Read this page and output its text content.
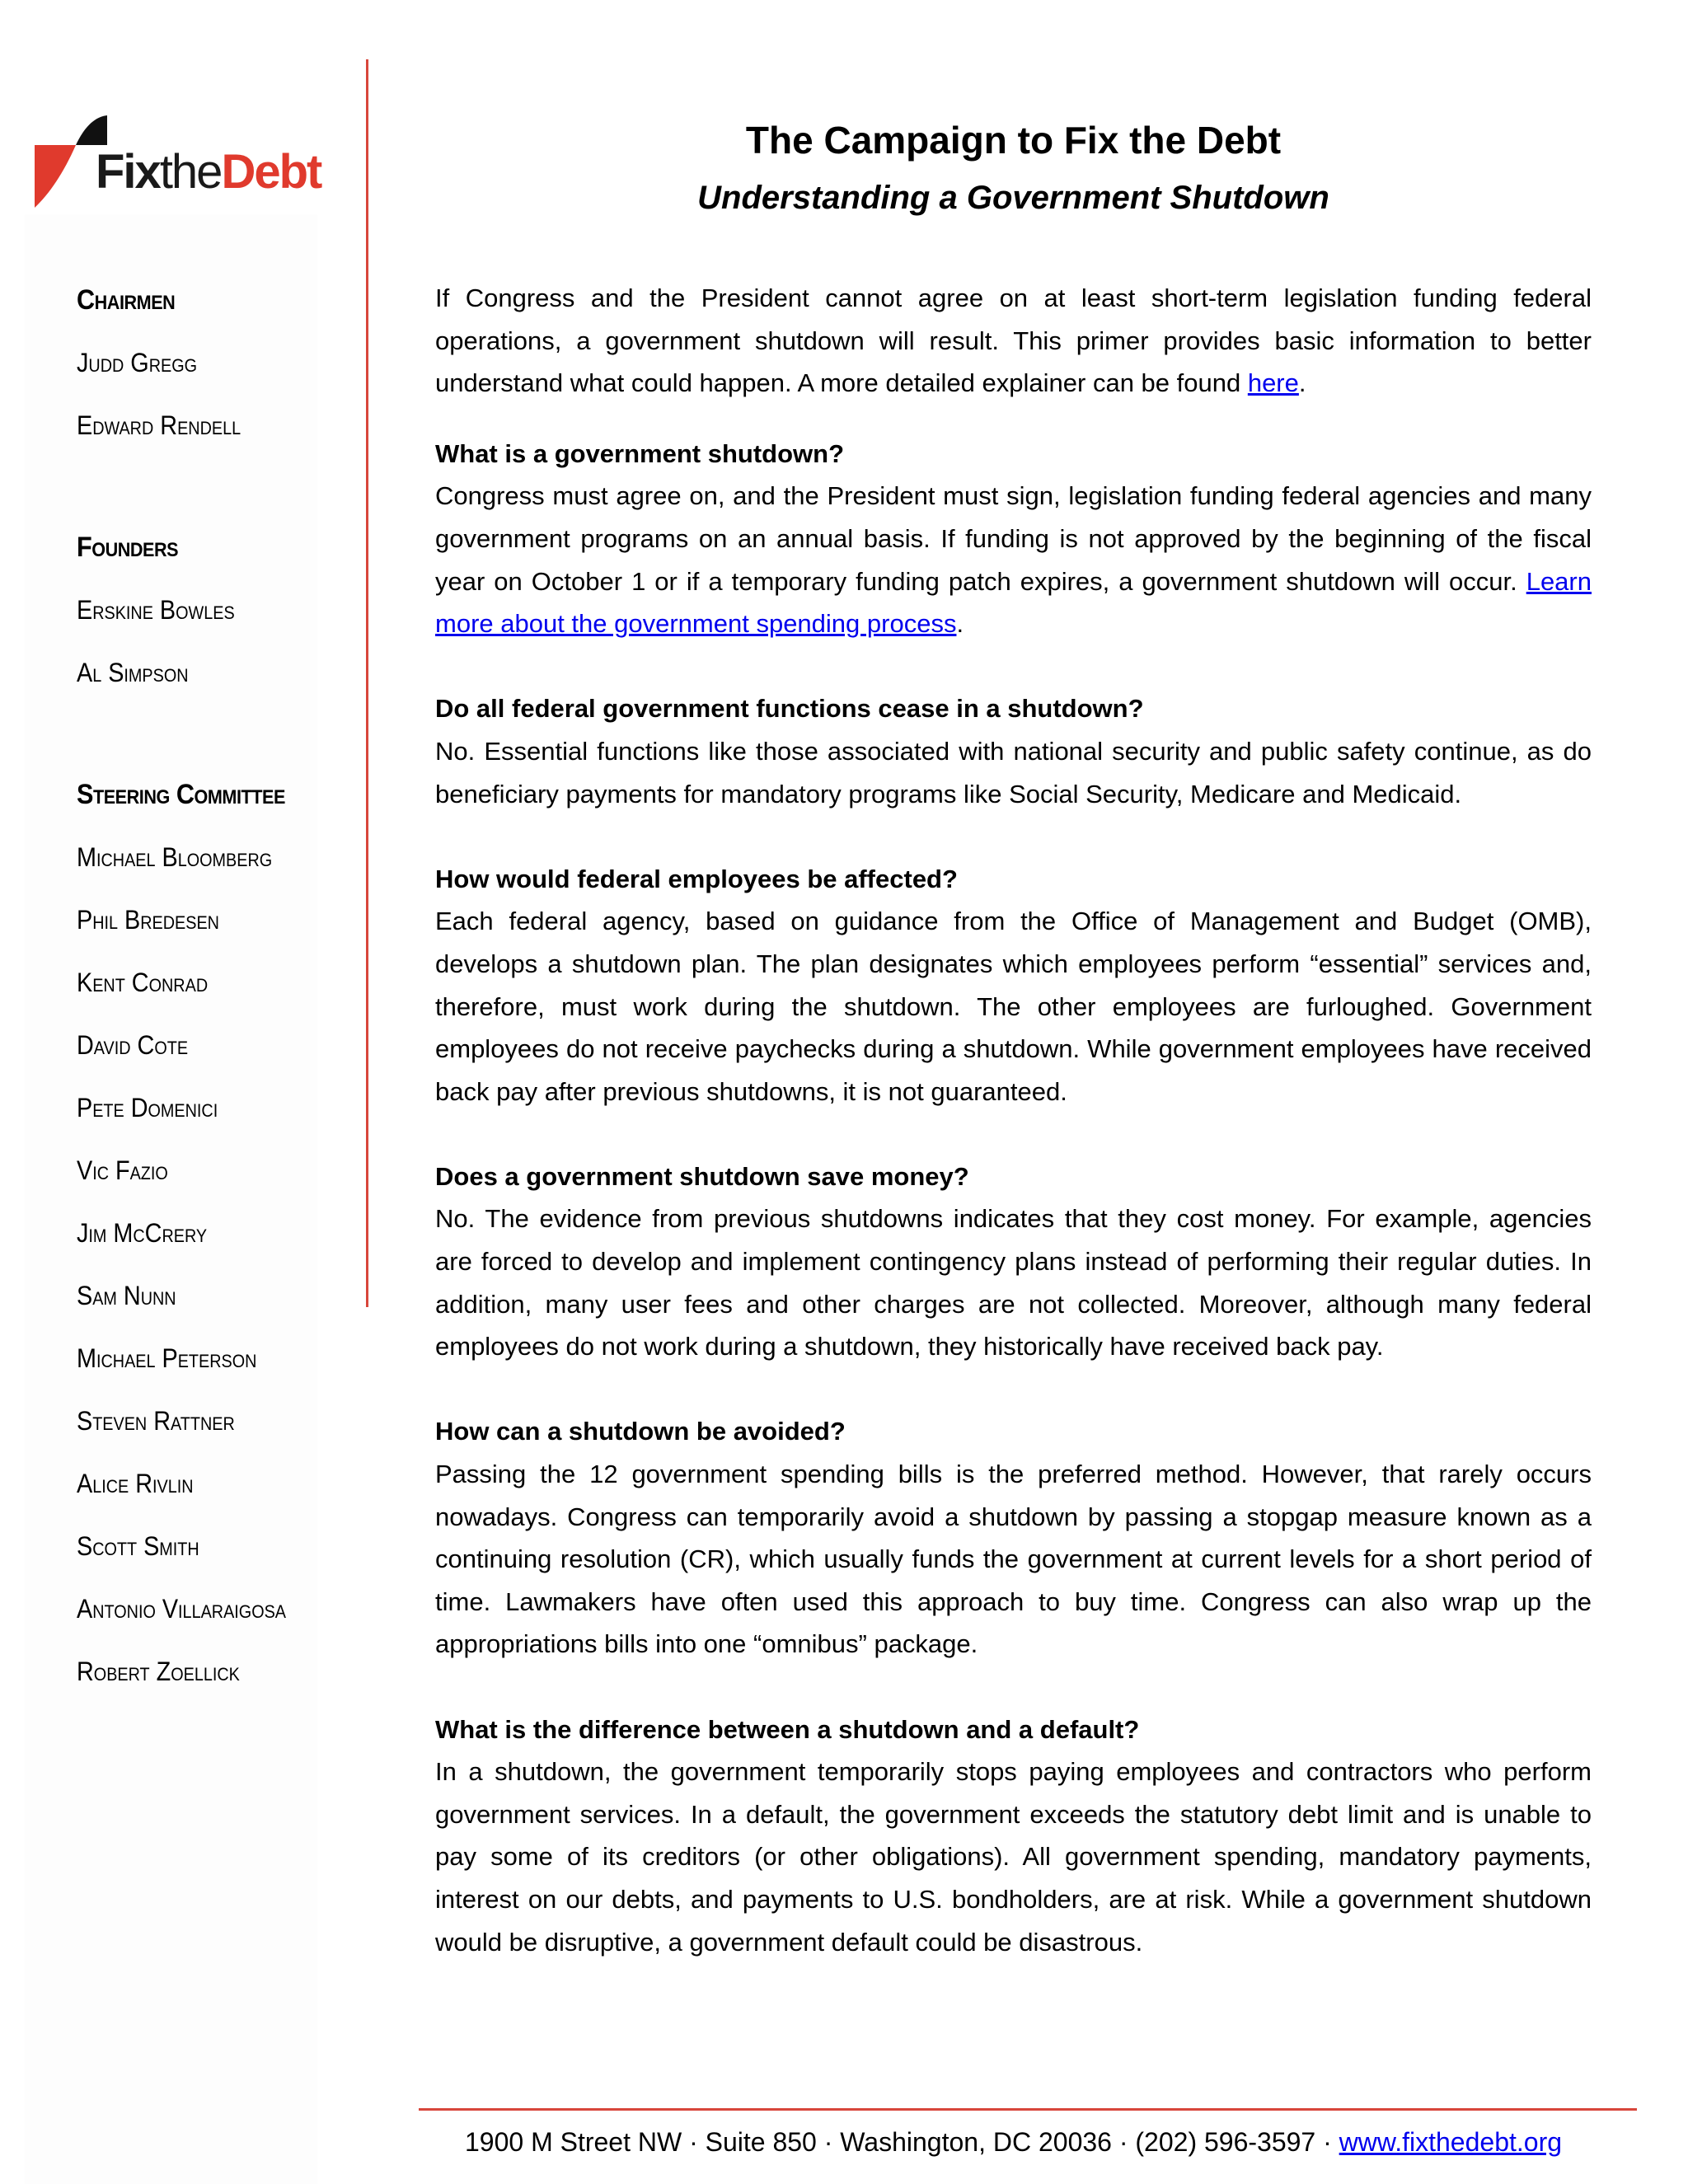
FixtheDebt
Chairmen
Judd Gregg
Edward Rendell
Founders
Erskine Bowles
Al Simpson
Steering Committee
Michael Bloomberg
Phil Bredesen
Kent Conrad
David Cote
Pete Domenici
Vic Fazio
Jim McCrery
Sam Nunn
Michael Peterson
Steven Rattner
Alice Rivlin
Scott Smith
Antonio Villaraigosa
Robert Zoellick
The Campaign to Fix the Debt
Understanding a Government Shutdown

If Congress and the President cannot agree on at least short-term legislation funding federal operations, a government shutdown will result. This primer provides basic information to better understand what could happen. A more detailed explainer can be found here.

What is a government shutdown?

Congress must agree on, and the President must sign, legislation funding federal agencies and many government programs on an annual basis. If funding is not approved by the beginning of the fiscal year on October 1 or if a temporary funding patch expires, a government shutdown will occur. Learn more about the government spending process.

Do all federal government functions cease in a shutdown?

No. Essential functions like those associated with national security and public safety continue, as do beneficiary payments for mandatory programs like Social Security, Medicare and Medicaid.

How would federal employees be affected?

Each federal agency, based on guidance from the Office of Management and Budget (OMB), develops a shutdown plan. The plan designates which employees perform “essential” services and, therefore, must work during the shutdown. The other employees are furloughed. Government employees do not receive paychecks during a shutdown. While government employees have received back pay after previous shutdowns, it is not guaranteed.

Does a government shutdown save money?

No. The evidence from previous shutdowns indicates that they cost money. For example, agencies are forced to develop and implement contingency plans instead of performing their regular duties. In addition, many user fees and other charges are not collected. Moreover, although many federal employees do not work during a shutdown, they historically have received back pay.

How can a shutdown be avoided?

Passing the 12 government spending bills is the preferred method. However, that rarely occurs nowadays. Congress can temporarily avoid a shutdown by passing a stopgap measure known as a continuing resolution (CR), which usually funds the government at current levels for a short period of time. Lawmakers have often used this approach to buy time. Congress can also wrap up the appropriations bills into one “omnibus” package.

What is the difference between a shutdown and a default?

In a shutdown, the government temporarily stops paying employees and contractors who perform government services. In a default, the government exceeds the statutory debt limit and is unable to pay some of its creditors (or other obligations). All government spending, mandatory payments, interest on our debts, and payments to U.S. bondholders, are at risk. While a government shutdown would be disruptive, a government default could be disastrous.

1900 M Street NW · Suite 850 · Washington, DC 20036 · (202) 596-3597 · www.fixthedebt.org
